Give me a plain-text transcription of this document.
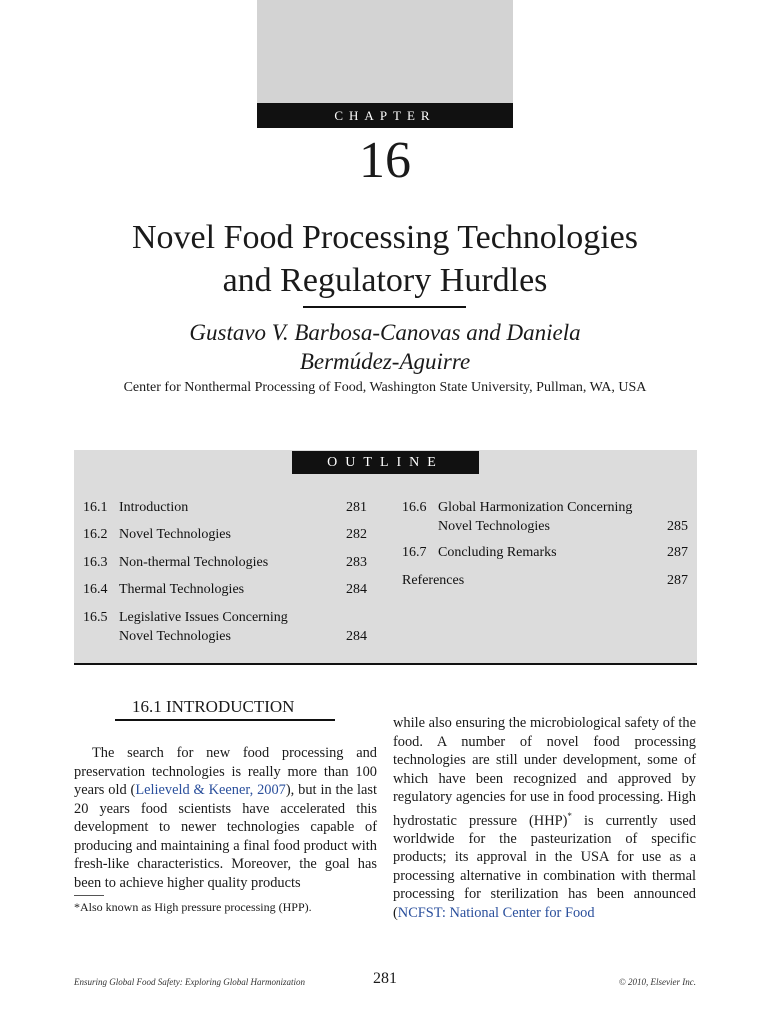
CHAPTER
16
Novel Food Processing Technologies
and Regulatory Hurdles
Gustavo V. Barbosa-Canovas and Daniela
Bermúdez-Aguirre
Center for Nonthermal Processing of Food, Washington State University, Pullman, WA, USA
OUTLINE
16.1 Introduction	281
16.2 Novel Technologies	282
16.3 Non-thermal Technologies	283
16.4 Thermal Technologies	284
16.5 Legislative Issues Concerning
Novel Technologies	284
16.6 Global Harmonization Concerning
Novel Technologies	285
16.7 Concluding Remarks	287
References	287
16.1 INTRODUCTION

The search for new food processing and preservation technologies is really more than 100 years old (Lelieveld & Keener, 2007), but in the last 20 years food scientists have accelerated this development to newer technologies capable of producing and maintaining a final food product with fresh-like characteristics. Moreover, the goal has been to achieve higher quality products

while also ensuring the microbiological safety of the food. A number of novel food processing technologies are still under development, some of which have been recognized and approved by regulatory agencies for use in food processing. High hydrostatic pressure (HHP)* is currently used worldwide for the pasteurization of specific products; its approval in the USA for use as a processing alternative in combination with thermal processing for sterilization has been announced (NCFST: National Center for Food

*Also known as High pressure processing (HPP).
Ensuring Global Food Safety: Exploring Global Harmonization	281	© 2010, Elsevier Inc.
